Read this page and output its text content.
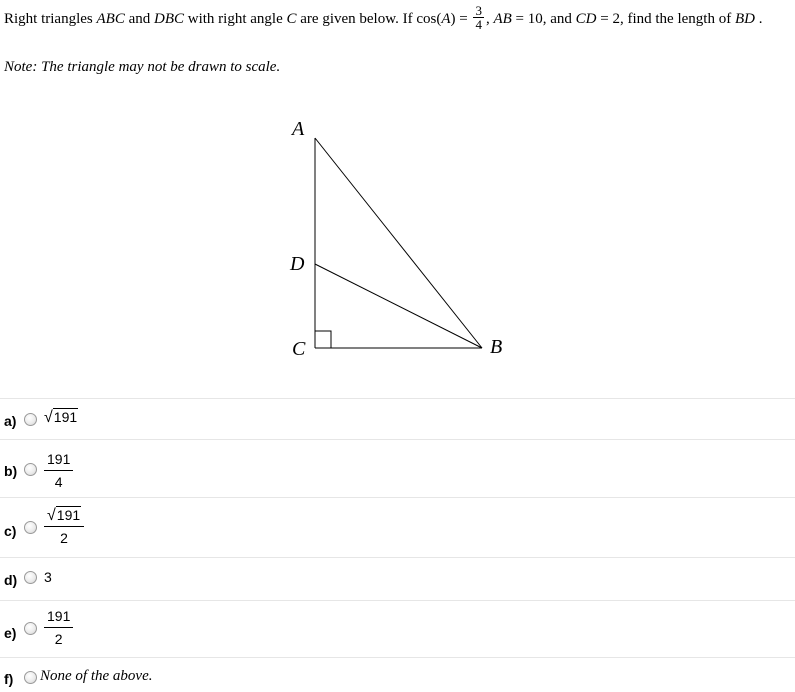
Right triangles ABC and DBC with right angle C are given below. If $\cos(A) = \frac{3}{4}$ , AB = 10, and CD = 2, find the length of BD .
Note: The triangle may not be drawn to scale.
A
D
C	B
a) √191
$b) \frac{191}{4}$
$c) \frac{√191}{2}$
d) 3
$e) \frac{191}{2}$
f) None of the above.
